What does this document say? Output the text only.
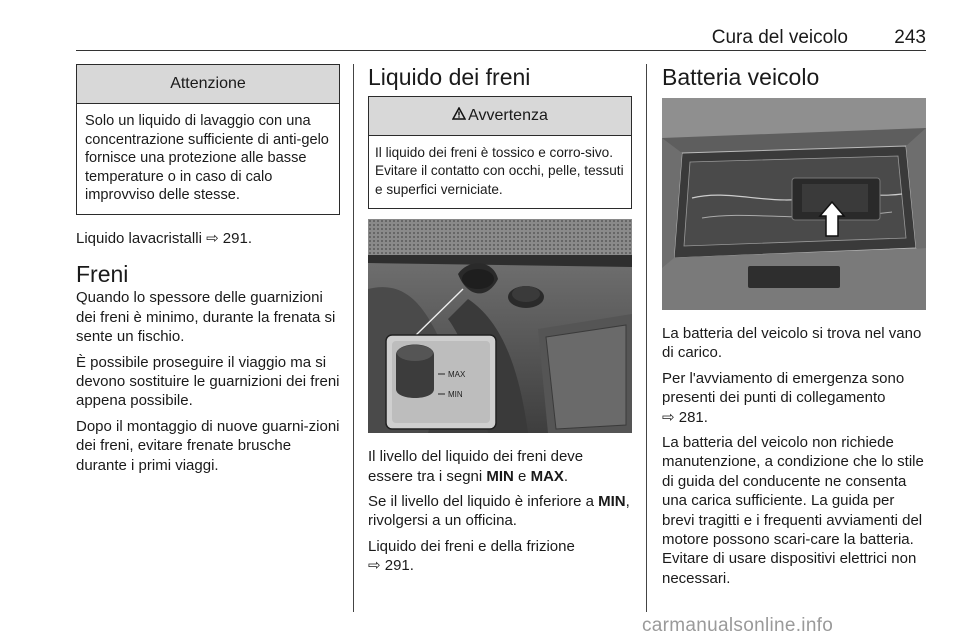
Cura del veicolo 243
Attenzione
Solo un liquido di lavaggio con una concentrazione sufficiente di anti-gelo fornisce una protezione alle basse temperature o in caso di calo improvviso delle stesse.

Liquido lavacristalli ⇨ 291.

Freni

Quando lo spessore delle guarnizioni dei freni è minimo, durante la frenata si sente un fischio.

È possibile proseguire il viaggio ma si devono sostituire le guarnizioni dei freni appena possibile.

Dopo il montaggio di nuove guarni-zioni dei freni, evitare frenate brusche durante i primi viaggi.

Liquido dei freni
Avvertenza
Il liquido dei freni è tossico e corro-sivo. Evitare il contatto con occhi, pelle, tessuti e superfici verniciate.
MAX
MIN

Il livello del liquido dei freni deve essere tra i segni MIN e MAX.

Se il livello del liquido è inferiore a MIN, rivolgersi a un officina.

Liquido dei freni e della frizione
⇨ 291.

Batteria veicolo

La batteria del veicolo si trova nel vano di carico.

Per l'avviamento di emergenza sono presenti dei punti di collegamento
⇨ 281.

La batteria del veicolo non richiede manutenzione, a condizione che lo stile di guida del conducente ne consenta una carica sufficiente. La guida per brevi tragitti e i frequenti avviamenti del motore possono scari-care la batteria. Evitare di usare dispositivi elettrici non necessari.

carmanualsonline.info
